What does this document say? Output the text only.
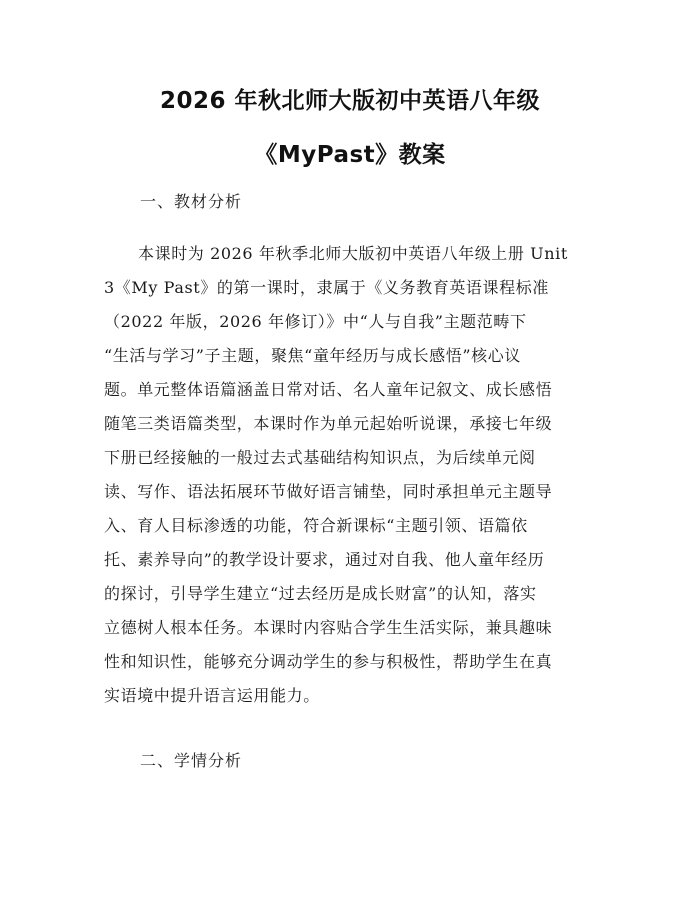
2026 年秋北师大版初中英语八年级
《MyPast》教案
一、教材分析
本课时为 2026 年秋季北师大版初中英语八年级上册 Unit
3《My Past》的第一课时，隶属于《义务教育英语课程标准
（2022 年版，2026 年修订）》中“人与自我”主题范畴下
“生活与学习”子主题，聚焦“童年经历与成长感悟”核心议
题。单元整体语篇涵盖日常对话、名人童年记叙文、成长感悟
随笔三类语篇类型，本课时作为单元起始听说课，承接七年级
下册已经接触的一般过去式基础结构知识点，为后续单元阅
读、写作、语法拓展环节做好语言铺垫，同时承担单元主题导
入、育人目标渗透的功能，符合新课标“主题引领、语篇依
托、素养导向”的教学设计要求，通过对自我、他人童年经历
的探讨，引导学生建立“过去经历是成长财富”的认知，落实
立德树人根本任务。本课时内容贴合学生生活实际，兼具趣味
性和知识性，能够充分调动学生的参与积极性，帮助学生在真
实语境中提升语言运用能力。
二、学情分析
